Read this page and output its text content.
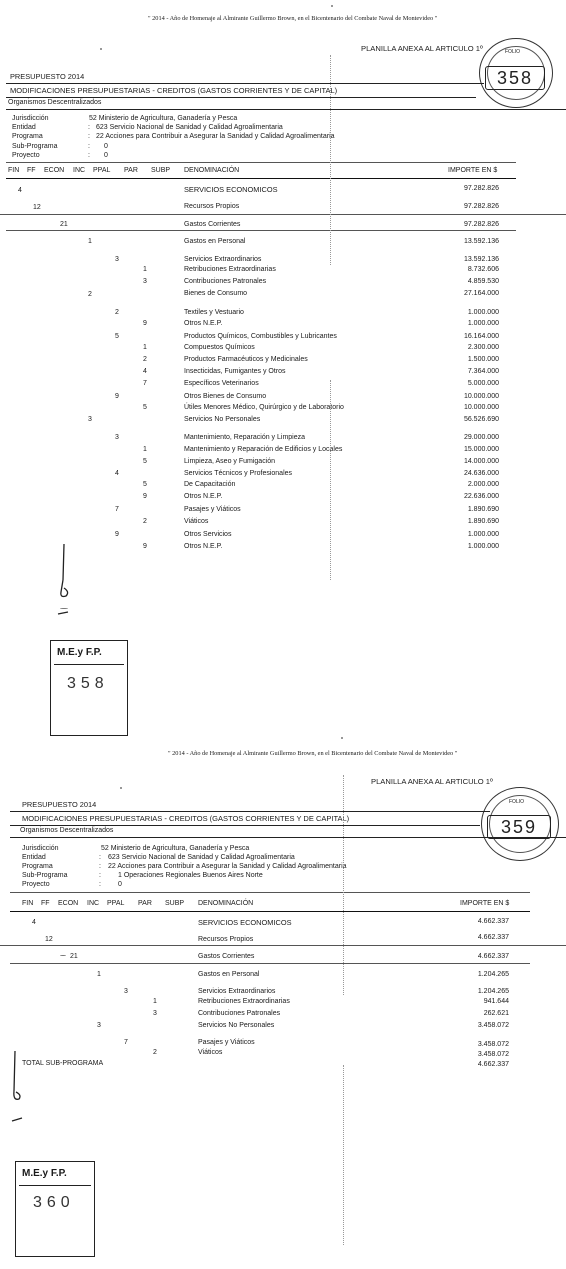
" 2014 - Año de Homenaje al Almirante Guillermo Brown, en el Bicentenario del Combate Naval de Montevideo "
PLANILLA ANEXA AL ARTICULO 1º	FOLIO
358
PRESUPUESTO 2014
MODIFICACIONES PRESUPUESTARIAS - CREDITOS (GASTOS CORRIENTES Y DE CAPITAL)
Organismos Descentralizados
Jurisdicción	52 Ministerio de Agricultura, Ganadería y Pesca
Entidad	: 623 Servicio Nacional de Sanidad y Calidad Agroalimentaria
Programa	: 22 Acciones para Contribuir a Asegurar la Sanidad y Calidad Agroalimentaria
Sub-Programa	: 0
Proyecto	: 0
FIN FF ECON INC PPAL PAR SUBP DENOMINACIÓN	IMPORTE EN $
4	SERVICIOS ECONOMICOS	97.282.826
12	Recursos Propios	97.282.826
21	Gastos Corrientes	97.282.826
1	Gastos en Personal	13.592.136
3	Servicios Extraordinarios	13.592.136
1	Retribuciones Extraordinarias	8.732.606
3	Contribuciones Patronales	4.859.530
2	Bienes de Consumo	27.164.000
2	Textiles y Vestuario	1.000.000
9	Otros N.E.P.	1.000.000
5	Productos Químicos, Combustibles y Lubricantes	16.164.000
1	Compuestos Químicos	2.300.000
2	Productos Farmacéuticos y Medicinales	1.500.000
4	Insecticidas, Fumigantes y Otros	7.364.000
7	Específicos Veterinarios	5.000.000
9	Otros Bienes de Consumo	10.000.000
5	Útiles Menores Médico, Quirúrgico y de Laboratorio	10.000.000
3	Servicios No Personales	56.526.690
3	Mantenimiento, Reparación y Limpieza	29.000.000
1	Mantenimiento y Reparación de Edificios y Locales	15.000.000
5	Limpieza, Aseo y Fumigación	14.000.000
4	Servicios Técnicos y Profesionales	24.636.000
5	De Capacitación	2.000.000
9	Otros N.E.P.	22.636.000
7	Pasajes y Viáticos	1.890.690
2	Viáticos	1.890.690
9	Otros Servicios	1.000.000
9	Otros N.E.P.	1.000.000
M.E.y F.P.
358
" 2014 - Año de Homenaje al Almirante Guillermo Brown, en el Bicentenario del Combate Naval de Montevideo "
PLANILLA ANEXA AL ARTICULO 1º
FOLIO
359
PRESUPUESTO 2014
MODIFICACIONES PRESUPUESTARIAS - CREDITOS (GASTOS CORRIENTES Y DE CAPITAL)
Organismos Descentralizados
Jurisdicción	52 Ministerio de Agricultura, Ganadería y Pesca
Entidad	: 623 Servicio Nacional de Sanidad y Calidad Agroalimentaria
Programa	: 22 Acciones para Contribuir a Asegurar la Sanidad y Calidad Agroalimentaria
Sub-Programa	: 1 Operaciones Regionales Buenos Aires Norte
Proyecto	: 0
FIN FF ECON INC PPAL PAR SUBP DENOMINACIÓN	IMPORTE EN $
4	SERVICIOS ECONOMICOS	4.662.337
12	Recursos Propios	4.662.337
21	Gastos Corrientes	4.662.337
1	Gastos en Personal	1.204.265
3	Servicios Extraordinarios	1.204.265
1	Retribuciones Extraordinarias	941.644
3	Contribuciones Patronales	262.621
3	Servicios No Personales	3.458.072
7	Pasajes y Viáticos	3.458.072
2	Viáticos	3.458.072
TOTAL SUB-PROGRAMA	4.662.337
M.E.y F.P.
360
